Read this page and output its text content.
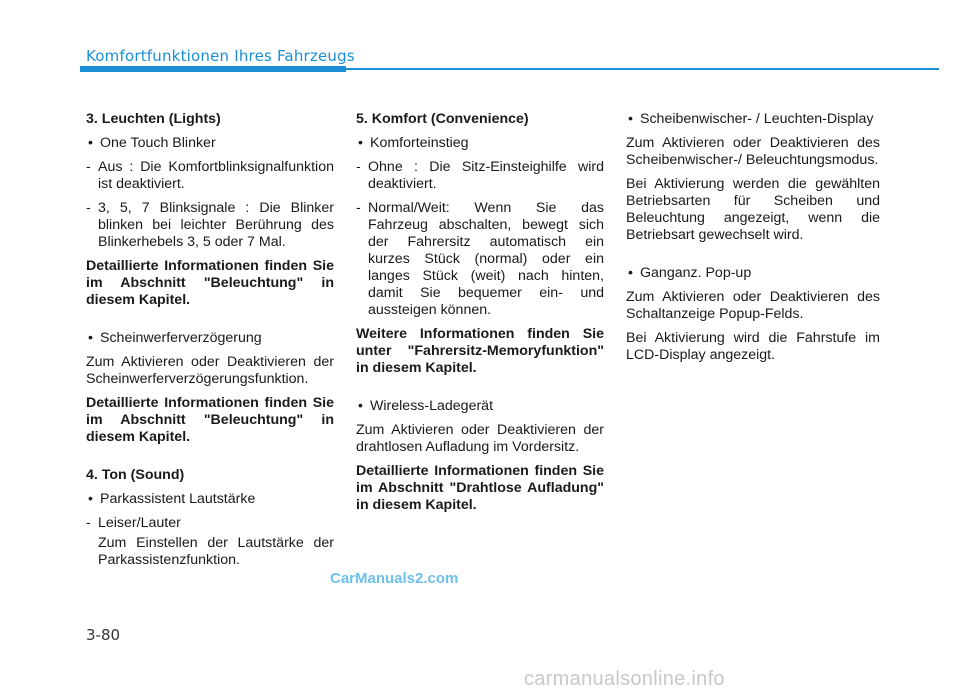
Komfortfunktionen Ihres Fahrzeugs

3. Leuchten (Lights)

• One Touch Blinker
- Aus : Die Komfortblinksignalfunktion ist deaktiviert.
- 3, 5, 7 Blinksignale : Die Blinker blinken bei leichter Berührung des Blinkerhebels 3, 5 oder 7 Mal.

Detaillierte Informationen finden Sie im Abschnitt "Beleuchtung" in diesem Kapitel.

• Scheinwerferverzögerung

Zum Aktivieren oder Deaktivieren der Scheinwerferverzögerungsfunktion.

Detaillierte Informationen finden Sie im Abschnitt "Beleuchtung" in diesem Kapitel.

4. Ton (Sound)

• Parkassistent Lautstärke
- Leiser/Lauter

Zum Einstellen der Lautstärke der Parkassistenzfunktion.

5. Komfort (Convenience)

• Komforteinstieg
- Ohne : Die Sitz-Einsteighilfe wird deaktiviert.
- Normal/Weit: Wenn Sie das Fahrzeug abschalten, bewegt sich der Fahrersitz automatisch ein kurzes Stück (normal) oder ein langes Stück (weit) nach hinten, damit Sie bequemer ein- und aussteigen können.

Weitere Informationen finden Sie unter "Fahrersitz-Memoryfunktion" in diesem Kapitel.

• Wireless-Ladegerät

Zum Aktivieren oder Deaktivieren der drahtlosen Aufladung im Vordersitz.

Detaillierte Informationen finden Sie im Abschnitt "Drahtlose Aufladung" in diesem Kapitel.

• Scheibenwischer- / Leuchten-Display

Zum Aktivieren oder Deaktivieren des Scheibenwischer-/ Beleuchtungsmodus.

Bei Aktivierung werden die gewählten Betriebsarten für Scheiben und Beleuchtung angezeigt, wenn die Betriebsart gewechselt wird.

• Ganganz. Pop-up

Zum Aktivieren oder Deaktivieren des Schaltanzeige Popup-Felds.

Bei Aktivierung wird die Fahrstufe im LCD-Display angezeigt.

CarManuals2.com
3-80
carmanualsonline.info
